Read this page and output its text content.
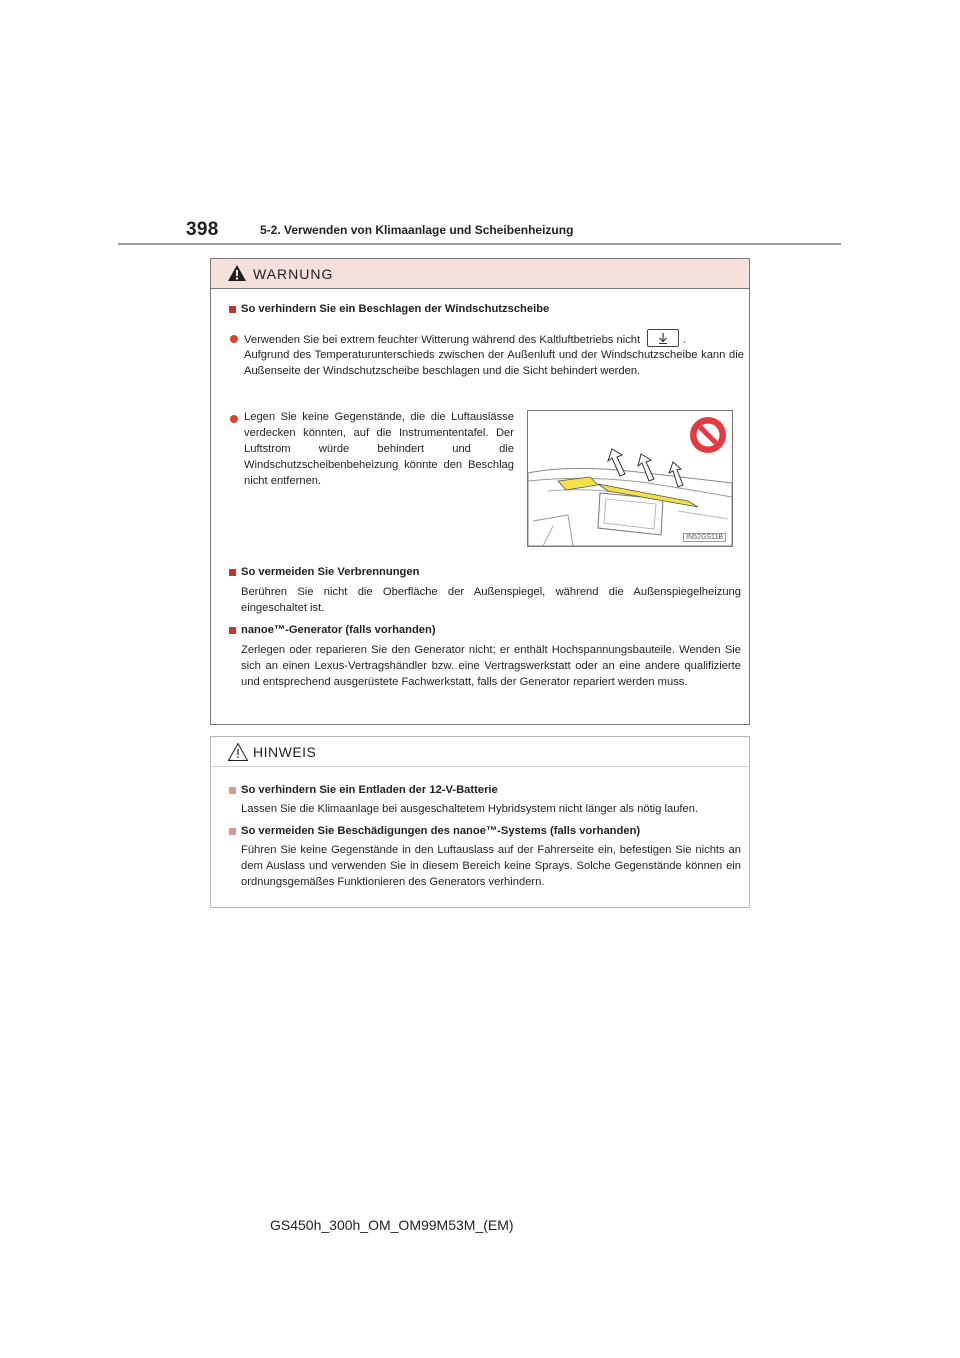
398	5-2. Verwenden von Klimaanlage und Scheibenheizung
WARNUNG
So verhindern Sie ein Beschlagen der Windschutzscheibe
Verwenden Sie bei extrem feuchter Witterung während des Kaltluftbetriebs nicht	.
Aufgrund des Temperaturunterschieds zwischen der Außenluft und der Windschutzscheibe kann die Außenseite der Windschutzscheibe beschlagen und die Sicht behindert werden.
Legen Sie keine Gegenstände, die die Luftauslässe verdecken könnten, auf die Instrumententafel. Der Luftstrom würde behindert und die Windschutzscheibenbeheizung könnte den Beschlag nicht entfernen.
IN52GS11B
So vermeiden Sie Verbrennungen
Berühren Sie nicht die Oberfläche der Außenspiegel, während die Außenspiegelheizung eingeschaltet ist.
nanoe™-Generator (falls vorhanden)
Zerlegen oder reparieren Sie den Generator nicht; er enthält Hochspannungsbauteile. Wenden Sie sich an einen Lexus-Vertragshändler bzw. eine Vertragswerkstatt oder an eine andere qualifizierte und entsprechend ausgerüstete Fachwerkstatt, falls der Generator repariert werden muss.
HINWEIS
So verhindern Sie ein Entladen der 12-V-Batterie
Lassen Sie die Klimaanlage bei ausgeschaltetem Hybridsystem nicht länger als nötig laufen.
So vermeiden Sie Beschädigungen des nanoe™-Systems (falls vorhanden)
Führen Sie keine Gegenstände in den Luftauslass auf der Fahrerseite ein, befestigen Sie nichts an dem Auslass und verwenden Sie in diesem Bereich keine Sprays. Solche Gegenstände können ein ordnungsgemäßes Funktionieren des Generators verhindern.
GS450h_300h_OM_OM99M53M_(EM)
